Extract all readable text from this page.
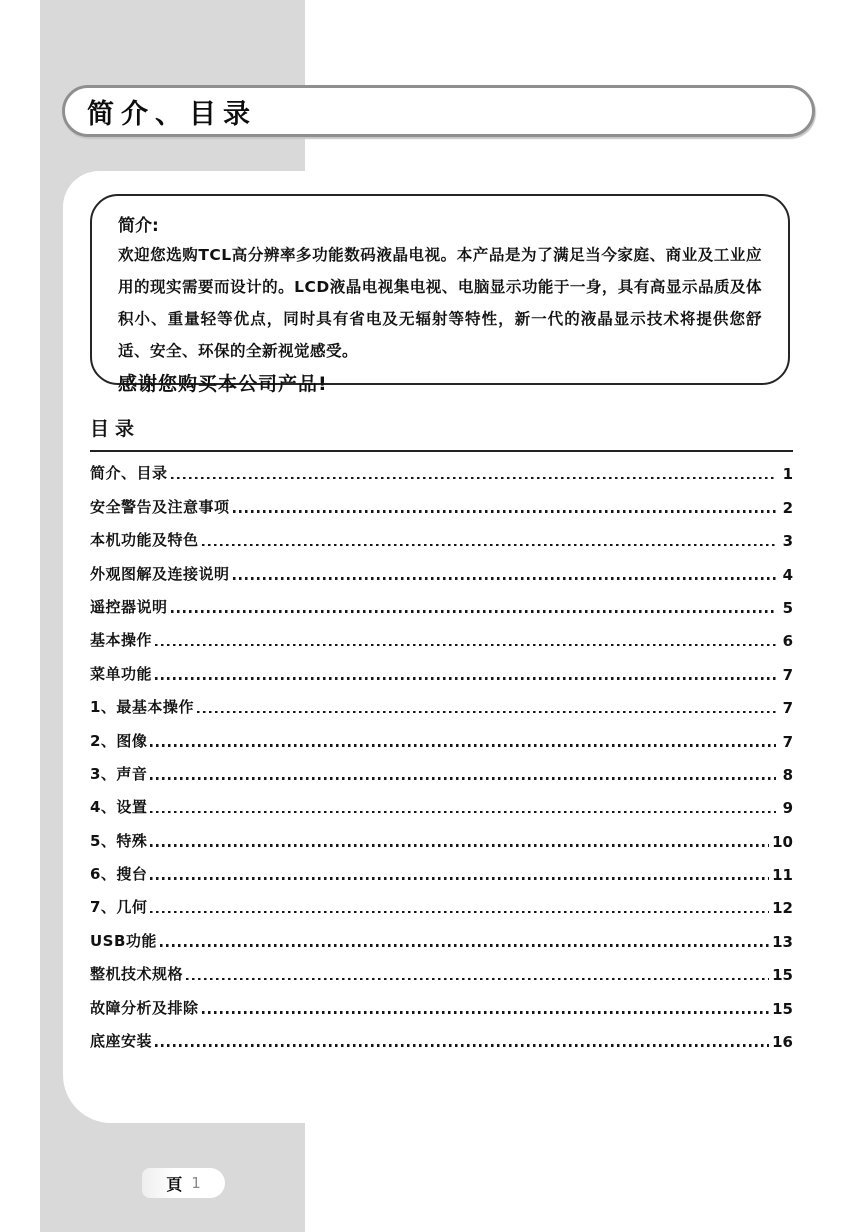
简介、目录
简介:
欢迎您选购TCL高分辨率多功能数码液晶电视。本产品是为了满足当今家庭、商业及工业应用的现实需要而设计的。LCD液晶电视集电视、电脑显示功能于一身，具有高显示品质及体积小、重量轻等优点，同时具有省电及无辐射等特性，新一代的液晶显示技术将提供您舒适、安全、环保的全新视觉感受。
感谢您购买本公司产品!
目录
简介、目录	1
安全警告及注意事项	2
本机功能及特色	3
外观图解及连接说明	4
遥控器说明	5
基本操作	6
菜单功能	7
1、最基本操作	7
2、图像	7
3、声音	8
4、设置	9
5、特殊	10
6、搜台	11
7、几何	12
USB功能	13
整机技术规格	15
故障分析及排除	15
底座安装	16
頁 1
